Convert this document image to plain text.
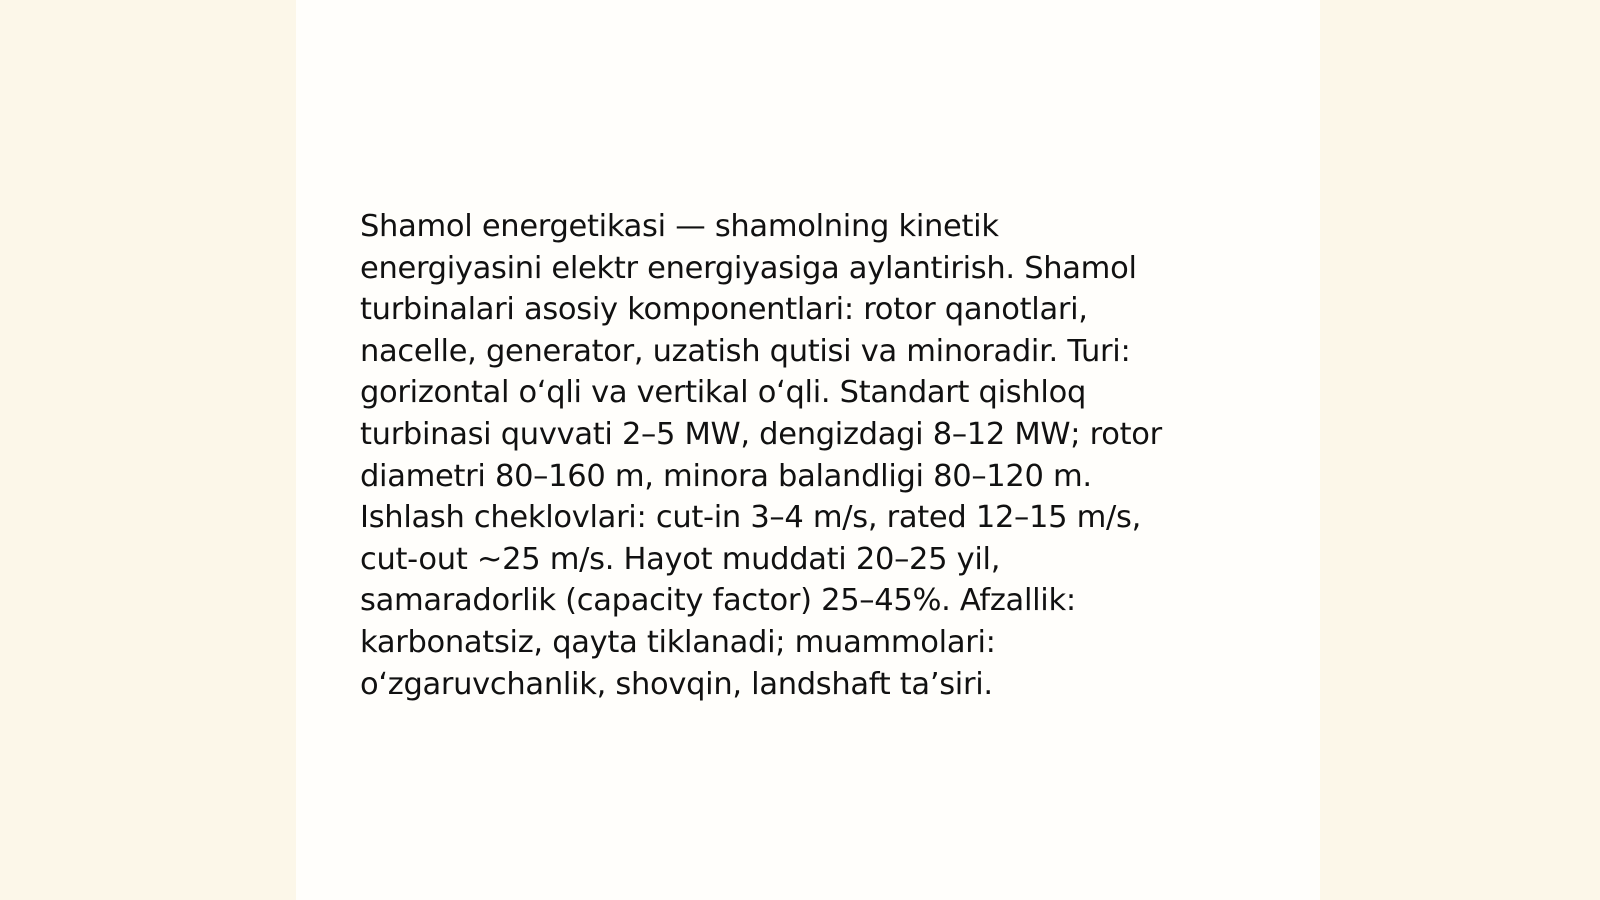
Shamol energetikasi — shamolning kinetik
energiyasini elektr energiyasiga aylantirish. Shamol
turbinalari asosiy komponentlari: rotor qanotlari,
nacelle, generator, uzatish qutisi va minoradir. Turi:
gorizontal oʻqli va vertikal oʻqli. Standart qishloq
turbinasi quvvati 2–5 MW, dengizdagi 8–12 MW; rotor
diametri 80–160 m, minora balandligi 80–120 m.
Ishlash cheklovlari: cut-in 3–4 m/s, rated 12–15 m/s,
cut-out ~25 m/s. Hayot muddati 20–25 yil,
samaradorlik (capacity factor) 25–45%. Afzallik:
karbonatsiz, qayta tiklanadi; muammolari:
oʻzgaruvchanlik, shovqin, landshaft taʼsiri.
